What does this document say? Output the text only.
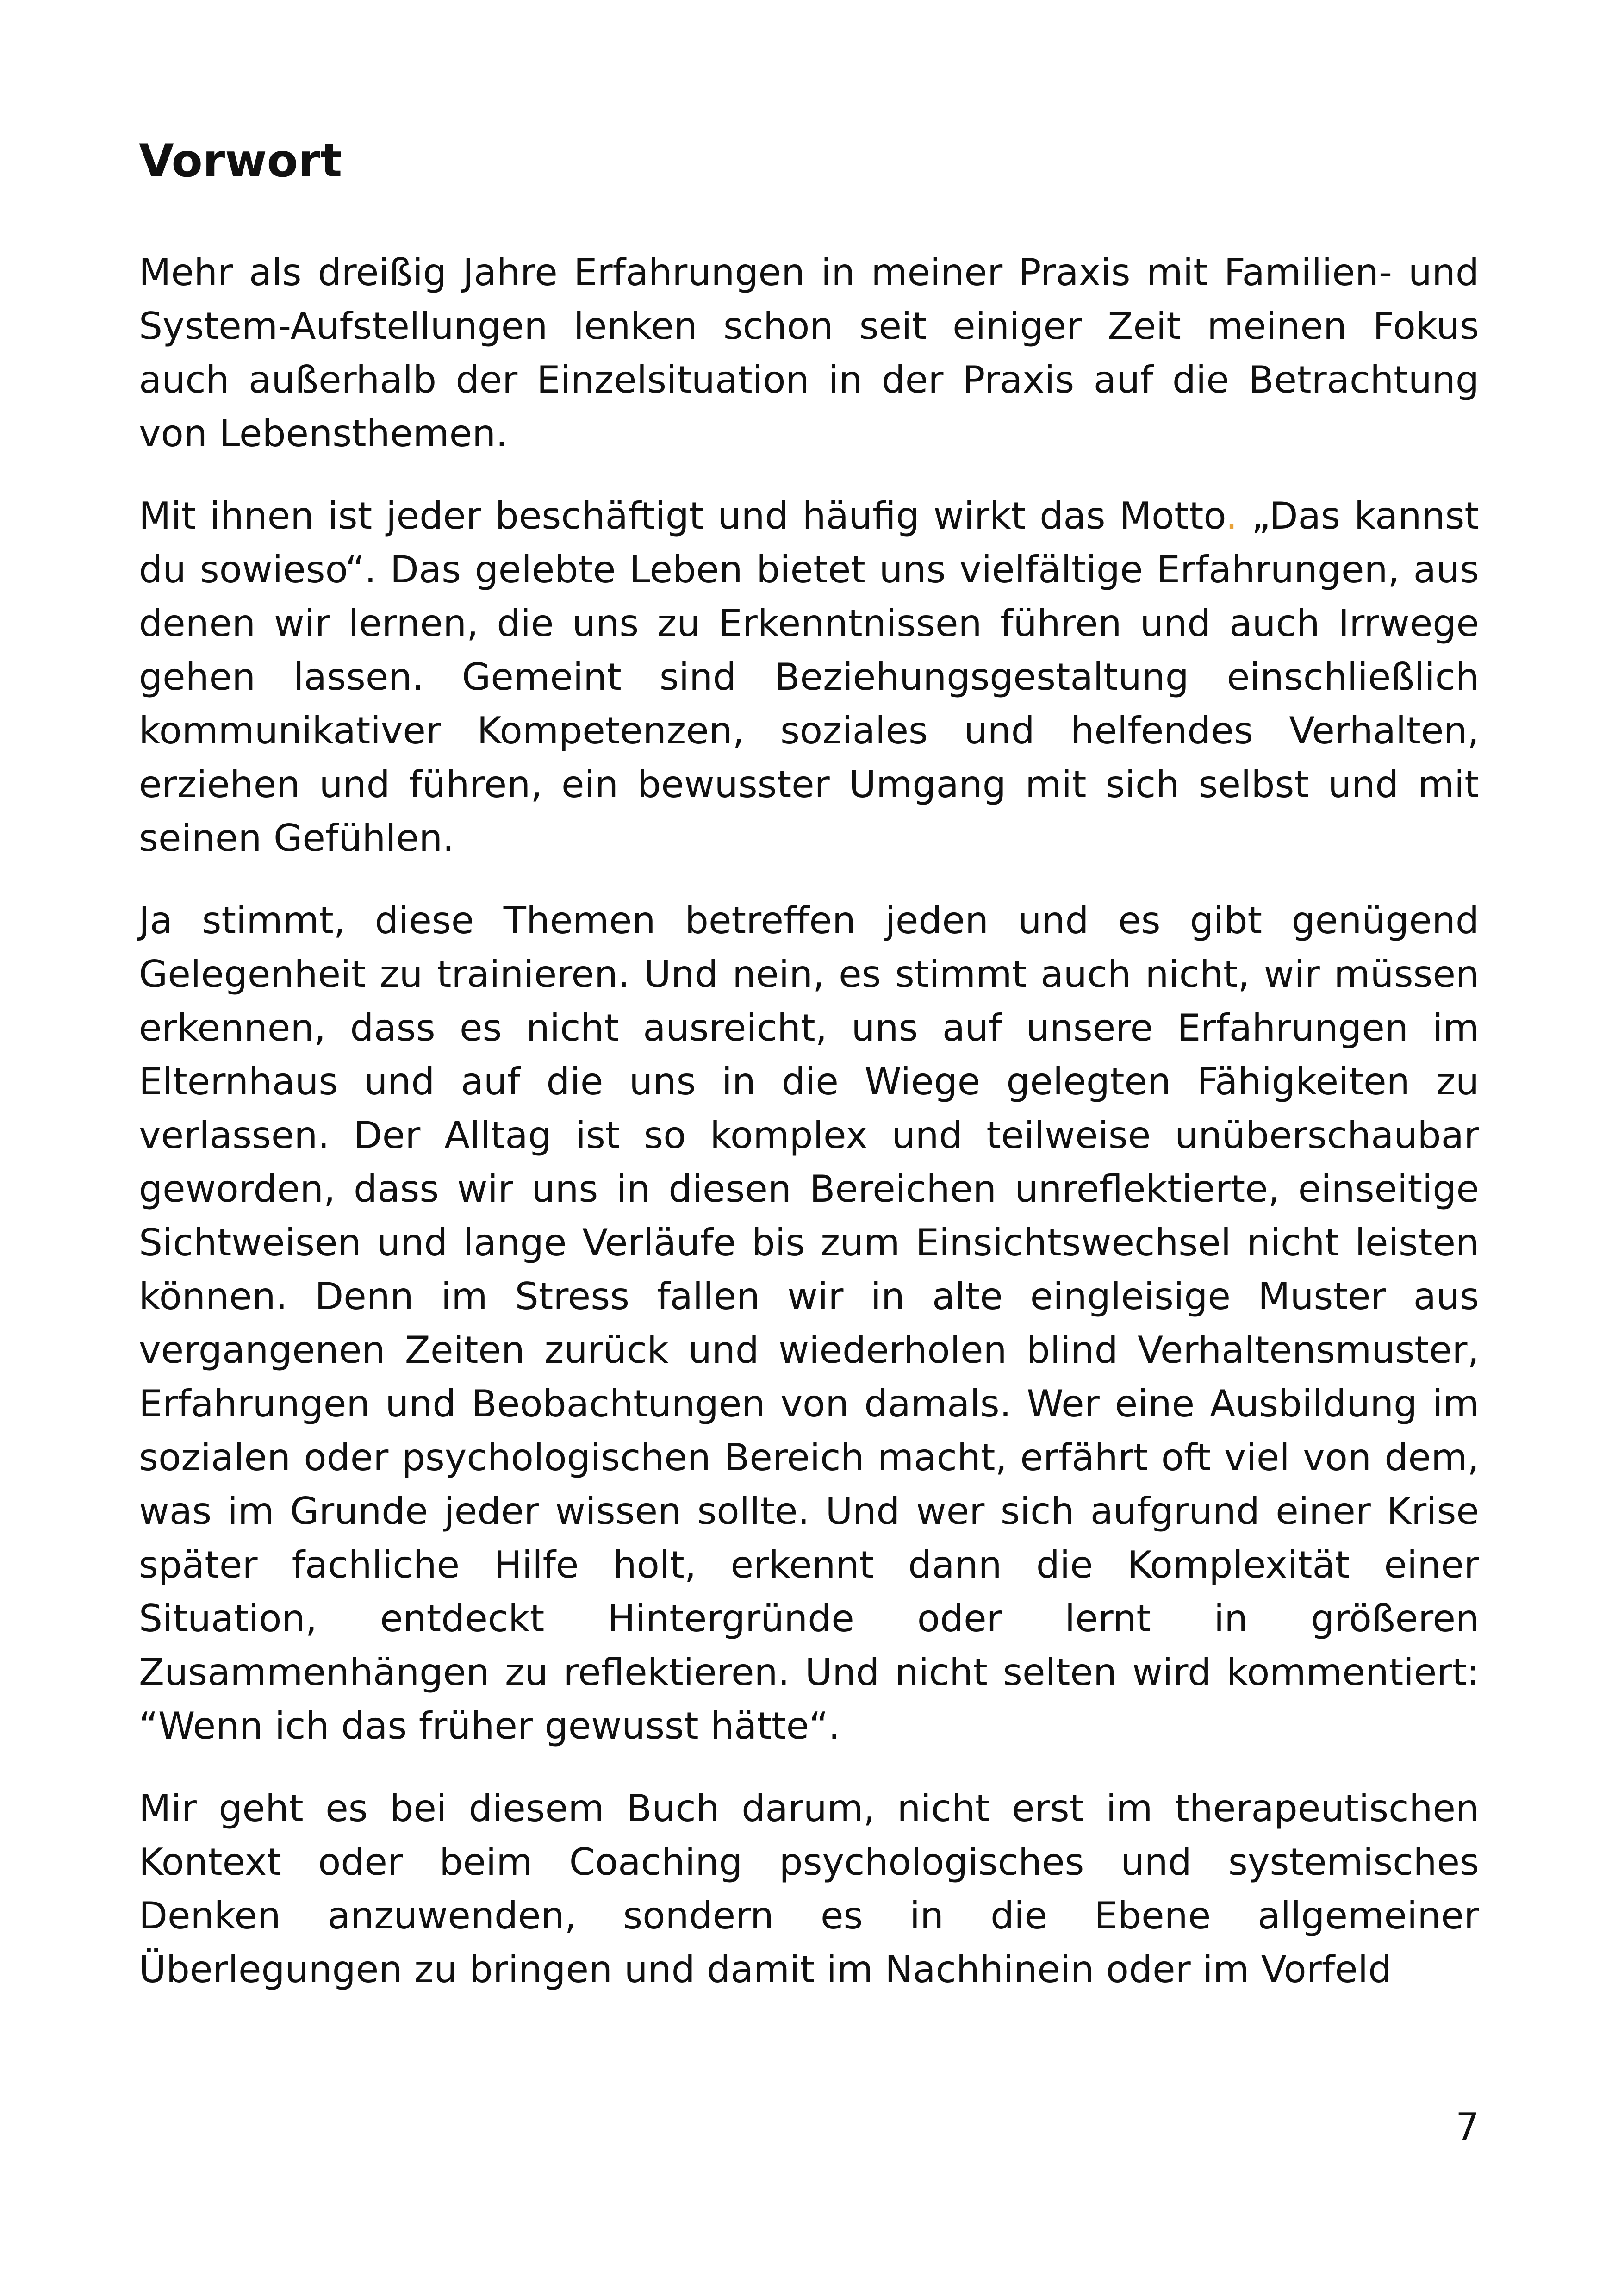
Vorwort

Mehr als dreißig Jahre Erfahrungen in meiner Praxis mit Familien- und System-Aufstellungen lenken schon seit einiger Zeit meinen Fokus auch außerhalb der Einzelsituation in der Praxis auf die Betrachtung von Lebensthemen.

Mit ihnen ist jeder beschäftigt und häufig wirkt das Motto. „Das kannst du sowieso“. Das gelebte Leben bietet uns vielfältige Erfahrungen, aus denen wir lernen, die uns zu Erkenntnissen führen und auch Irrwege gehen lassen. Gemeint sind Beziehungsgestaltung einschließlich kommunikativer Kompetenzen, soziales und helfendes Verhalten, erziehen und führen, ein bewusster Umgang mit sich selbst und mit seinen Gefühlen.

Ja stimmt, diese Themen betreffen jeden und es gibt genügend Gelegenheit zu trainieren. Und nein, es stimmt auch nicht, wir müssen erkennen, dass es nicht ausreicht, uns auf unsere Erfahrungen im Elternhaus und auf die uns in die Wiege gelegten Fähigkeiten zu verlassen. Der Alltag ist so komplex und teilweise unüberschaubar geworden, dass wir uns in diesen Bereichen unreflektierte, einseitige Sichtweisen und lange Verläufe bis zum Einsichtswechsel nicht leisten können. Denn im Stress fallen wir in alte eingleisige Muster aus vergangenen Zeiten zurück und wiederholen blind Verhaltensmuster, Erfahrungen und Beobachtungen von damals. Wer eine Ausbildung im sozialen oder psychologischen Bereich macht, erfährt oft viel von dem, was im Grunde jeder wissen sollte. Und wer sich aufgrund einer Krise später fachliche Hilfe holt, erkennt dann die Komplexität einer Situation, entdeckt Hintergründe oder lernt in größeren Zusammenhängen zu reflektieren. Und nicht selten wird kommentiert: “Wenn ich das früher gewusst hätte“.

Mir geht es bei diesem Buch darum, nicht erst im therapeutischen Kontext oder beim Coaching psychologisches und systemisches Denken anzuwenden, sondern es in die Ebene allgemeiner Überlegungen zu bringen und damit im Nachhinein oder im Vorfeld

7
